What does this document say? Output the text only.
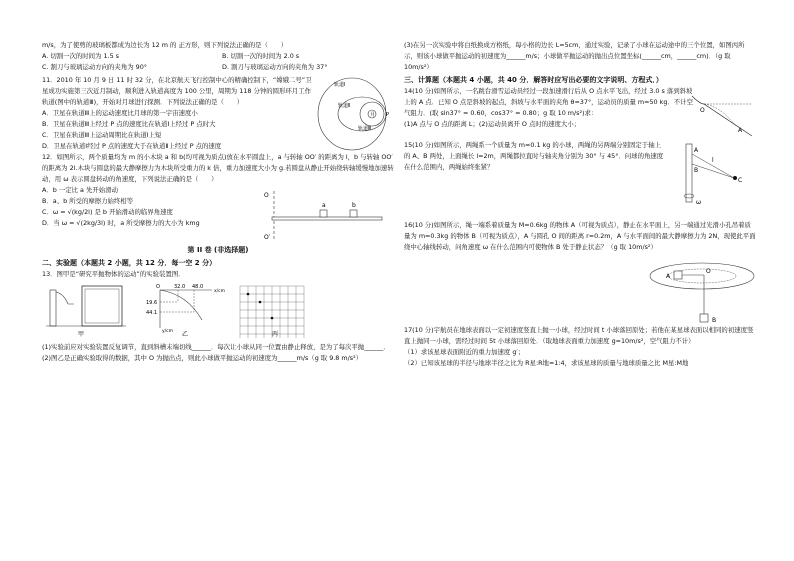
m/s，为了使剪的玻璃板都成为边长为 12 m 的 正方形，则下列说法正确的是（　　）

A. 切割一次的时间为 1.5 s	B. 切割一次的时间为 2.0 s
C. 割刀与玻璃运动方向的夹角为 90°	D. 割刀与玻璃运动方向的夹角为 37°

11．2010 年 10 月 9 日 11 时 32 分，在北京航天飞行控制中心的精确控制下，“嫦娥二号”卫星成功实施第三次近月制动，顺利进入轨道高度为 100 公里，周期为 118 分钟的圆形环月工作轨道(图中的轨道Ⅲ)，开始对月球进行探测．下列说法正确的是（　　）

A．卫星在轨道Ⅲ上的运动速度比月球的第一宇宙速度小

B．卫星在轨道Ⅲ上经过 P 点的速度比在轨道Ⅰ上经过 P 点时大

C．卫星在轨道Ⅲ上运动周期比在轨道Ⅰ上短

D．卫星在轨道Ⅰ经过 P 点的速度大于在轨道Ⅱ上经过 P 点的速度

月
轨道Ⅰ
轨道Ⅱ
轨道Ⅲ
P

12．如图所示，两个质量均为 m 的小木块 a 和 b(均可视为质点)放在水平圆盘上，a 与转轴 OO′ 的距离为 l，b 与转轴 OO′ 的距离为 2l.木块与圆盘的最大静摩擦力为木块所受重力的 k 倍，重力加速度大小为 g.若圆盘从静止开始绕转轴缓慢地加速转动，用 ω 表示圆盘转动的角速度，下列说法正确的是（　　）

A．b 一定比 a 先开始滑动

B．a、b 所受的摩擦力始终相等

C．ω = √(kg/2l) 是 b 开始滑动的临界角速度

D．当 ω = √(2kg/3l) 时，a 所受摩擦力的大小为 kmg

O
O′
a	b
第 II 卷 (非选择题)

二、实验题（本题共 2 小题，共 12 分．每一空 2 分）

13．图甲是“研究平抛物体的运动”的实验装置图．

甲
O	32.0 48.0
19.6
44.1
x/cm
y/cm 乙	丙

(1)实验前应对实验装置反复调节，直到斜槽末端切线______．每次让小球从同一位置由静止释放，是为了每次平抛______．

(2)图乙是正确实验取得的数据，其中 O 为抛出点，则此小球做平抛运动的初速度为______m/s（g 取 9.8 m/s²）

(3)在另一次实验中将白纸换成方格纸，每小格的边长 L=5cm，通过实验，记录了小球在运动途中的三个位置，如图丙所示，则该小球做平抛运动的初速度为______m/s；小球做平抛运动的抛出点位置坐标(______cm，______cm)．（g 取 10m/s²）

三、计算题（本题共 4 小题，共 40 分．解答时应写出必要的文字说明、方程式．）

14(10 分)如图所示，一名跳台滑雪运动员经过一段加速滑行后从 O 点水平飞出，经过 3.0 s 落到斜坡上的 A 点．已知 O 点是斜坡的起点，斜坡与水平面的夹角 θ=37°，运动员的质量 m=50 kg．不计空气阻力．(取 sin37° = 0.60，cos37° = 0.80；g 取 10 m/s²)求：

(1)A 点与 O 点的距离 L；(2)运动员离开 O 点时的速度大小；

O
A

15(10 分)如图所示，两绳系一个质量为 m=0.1 kg 的小球，两绳的另两端分别固定于轴上的 A、B 两处，上面绳长 l=2m，两绳都拉直时与轴夹角分别为 30° 与 45°．问球的角速度在什么范围内，两绳始终张紧？

A
B
C
l
ω

16(10 分)如图所示，绳一端系着质量为 M=0.6kg 的物体 A（可视为质点），静止在水平面上，另一端通过光滑小孔吊着质量为 m=0.3kg 的物体 B（可视为质点），A 与圆孔 O 间的距离 r=0.2m，A 与水平面间的最大静摩擦力为 2N，现使此平面绕中心轴线转动，问角速度 ω 在什么范围内可使物体 B 处于静止状态？（g 取 10m/s²）

A
O
B

17(10 分)宇航员在地球表面以一定初速度竖直上抛一小球，经过时间 t 小球落回原处；若他在某星球表面以相同的初速度竖直上抛同一小球，需经过时间 5t 小球落回原处．（取地球表面重力加速度 g=10m/s²，空气阻力不计）

（1）求该星球表面附近的重力加速度 g′；

（2）已知该星球的半径与地球半径之比为 R星:R地=1:4，求该星球的质量与地球质量之比 M星:M地
